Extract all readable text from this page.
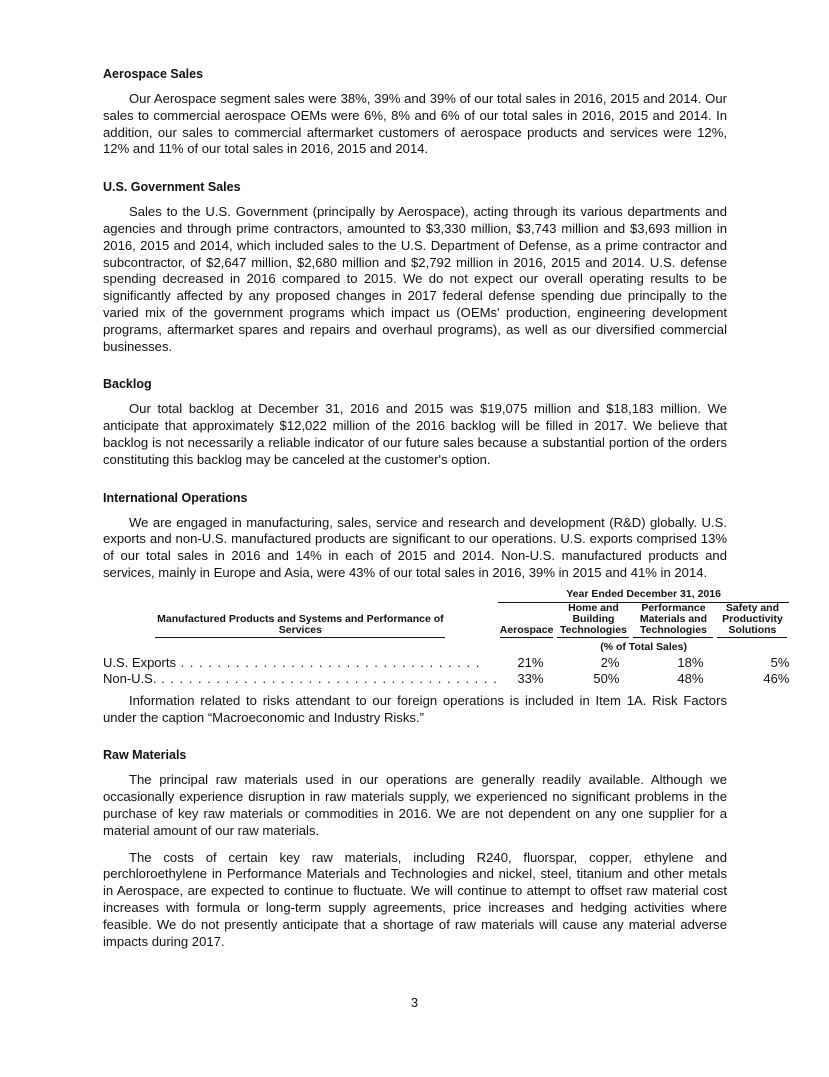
Aerospace Sales

Our Aerospace segment sales were 38%, 39% and 39% of our total sales in 2016, 2015 and 2014. Our sales to commercial aerospace OEMs were 6%, 8% and 6% of our total sales in 2016, 2015 and 2014. In addition, our sales to commercial aftermarket customers of aerospace products and services were 12%, 12% and 11% of our total sales in 2016, 2015 and 2014.

U.S. Government Sales

Sales to the U.S. Government (principally by Aerospace), acting through its various departments and agencies and through prime contractors, amounted to $3,330 million, $3,743 million and $3,693 million in 2016, 2015 and 2014, which included sales to the U.S. Department of Defense, as a prime contractor and subcontractor, of $2,647 million, $2,680 million and $2,792 million in 2016, 2015 and 2014. U.S. defense spending decreased in 2016 compared to 2015. We do not expect our overall operating results to be significantly affected by any proposed changes in 2017 federal defense spending due principally to the varied mix of the government programs which impact us (OEMs' production, engineering development programs, aftermarket spares and repairs and overhaul programs), as well as our diversified commercial businesses.

Backlog

Our total backlog at December 31, 2016 and 2015 was $19,075 million and $18,183 million. We anticipate that approximately $12,022 million of the 2016 backlog will be filled in 2017. We believe that backlog is not necessarily a reliable indicator of our future sales because a substantial portion of the orders constituting this backlog may be canceled at the customer's option.

International Operations

We are engaged in manufacturing, sales, service and research and development (R&D) globally. U.S. exports and non-U.S. manufactured products are significant to our operations. U.S. exports comprised 13% of our total sales in 2016 and 14% in each of 2015 and 2014. Non-U.S. manufactured products and services, mainly in Europe and Asia, were 43% of our total sales in 2016, 39% in 2015 and 41% in 2014.

	Year Ended December 31, 2016			
Manufactured Products and Systems and Performance of Services	Aerospace	Home and Building Technologies	Performance Materials and Technologies	Safety and Productivity Solutions
	(% of Total Sales)			
U.S. Exports . . . . . . . . . . . . . . . . . . . . . . . . . . . . . . . . .	21%	2%	18%	5%
Non-U.S. . . . . . . . . . . . . . . . . . . . . . . . . . . . . . . . . . . . . .	33%	50%	48%	46%

Information related to risks attendant to our foreign operations is included in Item 1A. Risk Factors under the caption “Macroeconomic and Industry Risks.”

Raw Materials

The principal raw materials used in our operations are generally readily available. Although we occasionally experience disruption in raw materials supply, we experienced no significant problems in the purchase of key raw materials or commodities in 2016. We are not dependent on any one supplier for a material amount of our raw materials.

The costs of certain key raw materials, including R240, fluorspar, copper, ethylene and perchloroethylene in Performance Materials and Technologies and nickel, steel, titanium and other metals in Aerospace, are expected to continue to fluctuate. We will continue to attempt to offset raw material cost increases with formula or long-term supply agreements, price increases and hedging activities where feasible. We do not presently anticipate that a shortage of raw materials will cause any material adverse impacts during 2017.

3
